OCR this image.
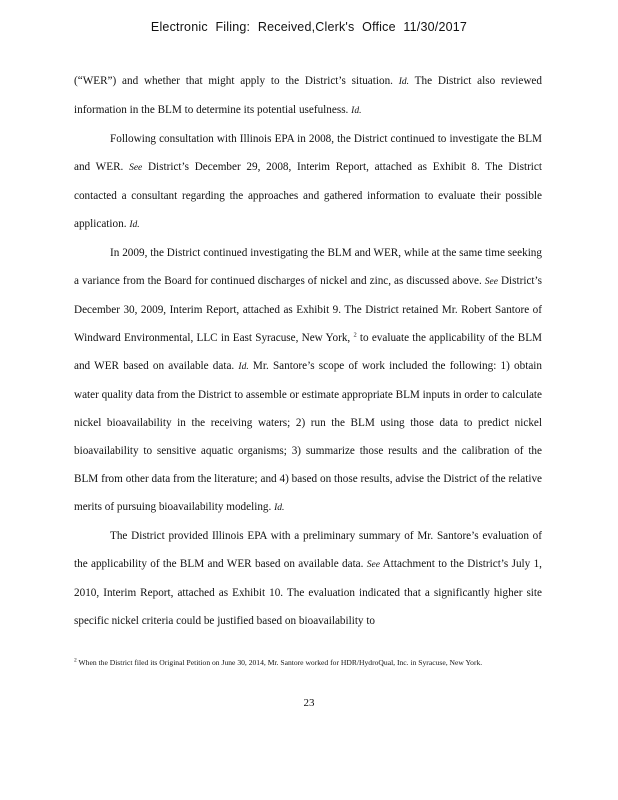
Electronic Filing: Received,Clerk's Office 11/30/2017

(“WER”) and whether that might apply to the District’s situation. Id. The District also reviewed information in the BLM to determine its potential usefulness. Id.

Following consultation with Illinois EPA in 2008, the District continued to investigate the BLM and WER. See District’s December 29, 2008, Interim Report, attached as Exhibit 8. The District contacted a consultant regarding the approaches and gathered information to evaluate their possible application. Id.

In 2009, the District continued investigating the BLM and WER, while at the same time seeking a variance from the Board for continued discharges of nickel and zinc, as discussed above. See District’s December 30, 2009, Interim Report, attached as Exhibit 9. The District retained Mr. Robert Santore of Windward Environmental, LLC in East Syracuse, New York, $^2$ to evaluate the applicability of the BLM and WER based on available data. Id. Mr. Santore’s scope of work included the following: 1) obtain water quality data from the District to assemble or estimate appropriate BLM inputs in order to calculate nickel bioavailability in the receiving waters; 2) run the BLM using those data to predict nickel bioavailability to sensitive aquatic organisms; 3) summarize those results and the calibration of the BLM from other data from the literature; and 4) based on those results, advise the District of the relative merits of pursuing bioavailability modeling. Id.

The District provided Illinois EPA with a preliminary summary of Mr. Santore’s evaluation of the applicability of the BLM and WER based on available data. See Attachment to the District’s July 1, 2010, Interim Report, attached as Exhibit 10. The evaluation indicated that a significantly higher site specific nickel criteria could be justified based on bioavailability to

$^2$ When the District filed its Original Petition on June 30, 2014, Mr. Santore worked for HDR/HydroQual, Inc. in Syracuse, New York.
23
